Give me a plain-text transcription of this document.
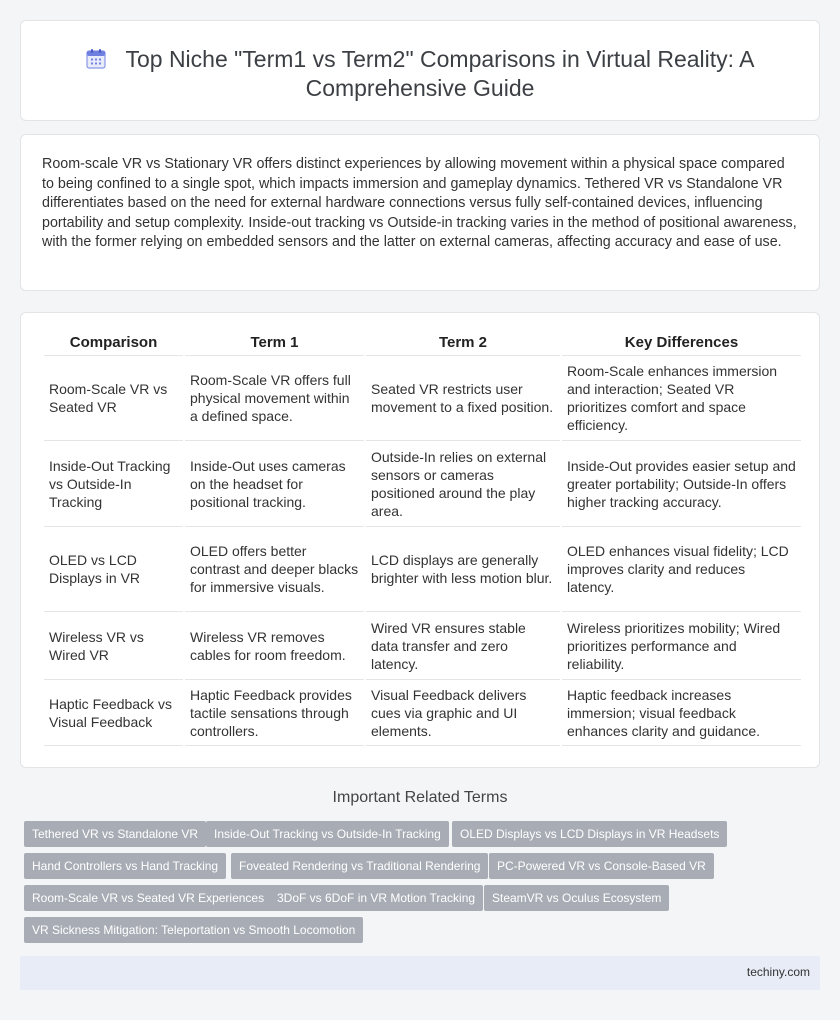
Top Niche "Term1 vs Term2" Comparisons in Virtual Reality: A Comprehensive Guide

Room-scale VR vs Stationary VR offers distinct experiences by allowing movement within a physical space compared to being confined to a single spot, which impacts immersion and gameplay dynamics. Tethered VR vs Standalone VR differentiates based on the need for external hardware connections versus fully self-contained devices, influencing portability and setup complexity. Inside-out tracking vs Outside-in tracking varies in the method of positional awareness, with the former relying on embedded sensors and the latter on external cameras, affecting accuracy and ease of use.

Comparison	Term 1	Term 2	Key Differences
Room-Scale VR vs Seated VR	Room-Scale VR offers full physical movement within a defined space.	Seated VR restricts user movement to a fixed position.	Room-Scale enhances immersion and interaction; Seated VR prioritizes comfort and space efficiency.
Inside-Out Tracking vs Outside-In Tracking	Inside-Out uses cameras on the headset for positional tracking.	Outside-In relies on external sensors or cameras positioned around the play area.	Inside-Out provides easier setup and greater portability; Outside-In offers higher tracking accuracy.
OLED vs LCD Displays in VR	OLED offers better contrast and deeper blacks for immersive visuals.	LCD displays are generally brighter with less motion blur.	OLED enhances visual fidelity; LCD improves clarity and reduces latency.
Wireless VR vs Wired VR	Wireless VR removes cables for room freedom.	Wired VR ensures stable data transfer and zero latency.	Wireless prioritizes mobility; Wired prioritizes performance and reliability.
Haptic Feedback vs Visual Feedback	Haptic Feedback provides tactile sensations through controllers.	Visual Feedback delivers cues via graphic and UI elements.	Haptic feedback increases immersion; visual feedback enhances clarity and guidance.
Important Related Terms
Tethered VR vs Standalone VR	Inside-Out Tracking vs Outside-In Tracking	OLED Displays vs LCD Displays in VR Headsets
Hand Controllers vs Hand Tracking	Foveated Rendering vs Traditional Rendering	PC-Powered VR vs Console-Based VR
Room-Scale VR vs Seated VR Experiences	3DoF vs 6DoF in VR Motion Tracking	SteamVR vs Oculus Ecosystem
VR Sickness Mitigation: Teleportation vs Smooth Locomotion
techiny.com
